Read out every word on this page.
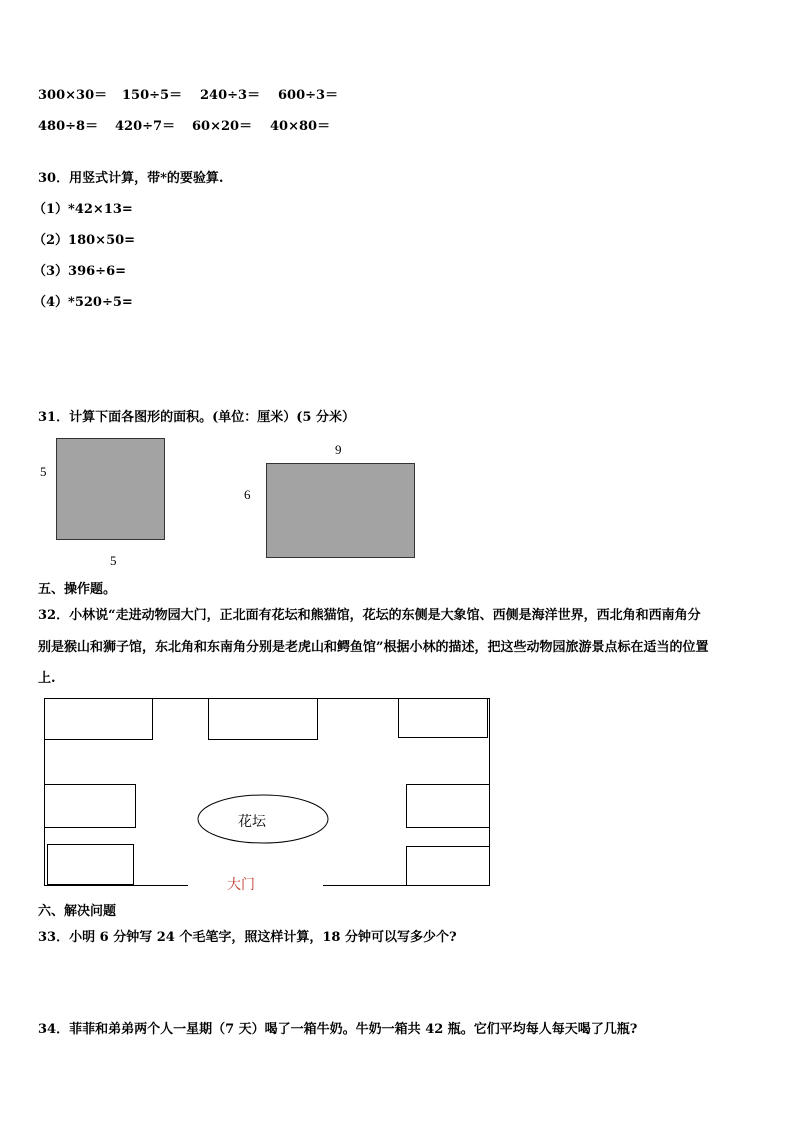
300×30＝ 150÷5＝ 240÷3＝ 600÷3＝
480÷8＝ 420÷7＝ 60×20＝ 40×80＝
30．用竖式计算，带*的要验算.
（1）*42×13=
（2）180×50=
（3）396÷6=
（4）*520÷5=
31．计算下面各图形的面积。(单位：厘米）(5 分米）
5
5
9
6
五、操作题。
32．小林说“走进动物园大门，正北面有花坛和熊猫馆，花坛的东侧是大象馆、西侧是海洋世界，西北角和西南角分
别是猴山和狮子馆，东北角和东南角分别是老虎山和鳄鱼馆”根据小林的描述，把这些动物园旅游景点标在适当的位置
上.
花坛
大门
六、解决问题
33．小明 6 分钟写 24 个毛笔字，照这样计算，18 分钟可以写多少个?
34．菲菲和弟弟两个人一星期（7 天）喝了一箱牛奶。牛奶一箱共 42 瓶。它们平均每人每天喝了几瓶?
